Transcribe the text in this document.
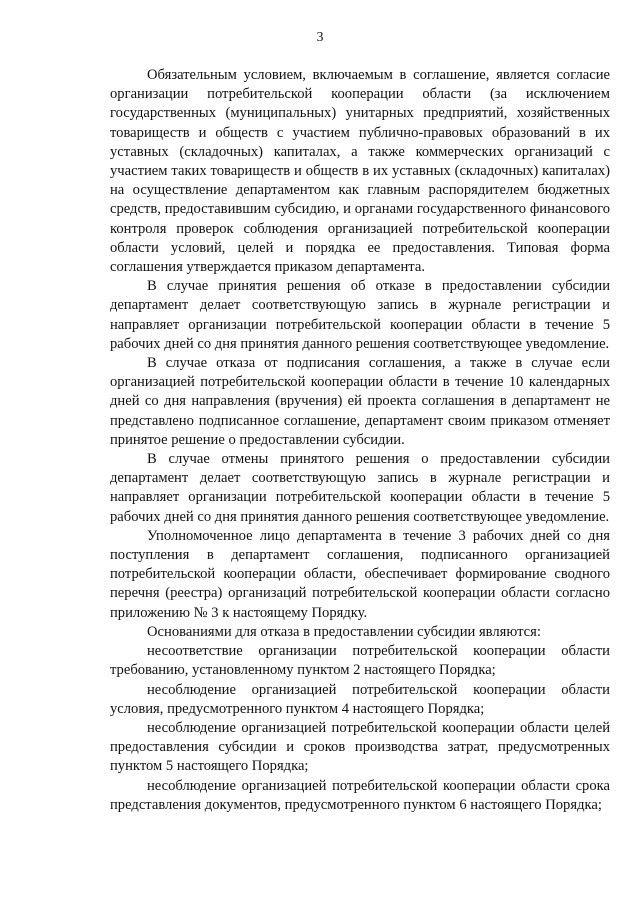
3

Обязательным условием, включаемым в соглашение, является согласие организации потребительской кооперации области (за исключением государственных (муниципальных) унитарных предприятий, хозяйственных товариществ и обществ с участием публично-правовых образований в их уставных (складочных) капиталах, а также коммерческих организаций с участием таких товариществ и обществ в их уставных (складочных) капиталах) на осуществление департаментом как главным распорядителем бюджетных средств, предоставившим субсидию, и органами государственного финансового контроля проверок соблюдения организацией потребительской кооперации области условий, целей и порядка ее предоставления. Типовая форма соглашения утверждается приказом департамента.

В случае принятия решения об отказе в предоставлении субсидии департамент делает соответствующую запись в журнале регистрации и направляет организации потребительской кооперации области в течение 5 рабочих дней со дня принятия данного решения соответствующее уведомление.

В случае отказа от подписания соглашения, а также в случае если организацией потребительской кооперации области в течение 10 календарных дней со дня направления (вручения) ей проекта соглашения в департамент не представлено подписанное соглашение, департамент своим приказом отменяет принятое решение о предоставлении субсидии.

В случае отмены принятого решения о предоставлении субсидии департамент делает соответствующую запись в журнале регистрации и направляет организации потребительской кооперации области в течение 5 рабочих дней со дня принятия данного решения соответствующее уведомление.

Уполномоченное лицо департамента в течение 3 рабочих дней со дня поступления в департамент соглашения, подписанного организацией потребительской кооперации области, обеспечивает формирование сводного перечня (реестра) организаций потребительской кооперации области согласно приложению № 3 к настоящему Порядку.

Основаниями для отказа в предоставлении субсидии являются:

несоответствие организации потребительской кооперации области требованию, установленному пунктом 2 настоящего Порядка;

несоблюдение организацией потребительской кооперации области условия, предусмотренного пунктом 4 настоящего Порядка;

несоблюдение организацией потребительской кооперации области целей предоставления субсидии и сроков производства затрат, предусмотренных пунктом 5 настоящего Порядка;

несоблюдение организацией потребительской кооперации области срока представления документов, предусмотренного пунктом 6 настоящего Порядка;
